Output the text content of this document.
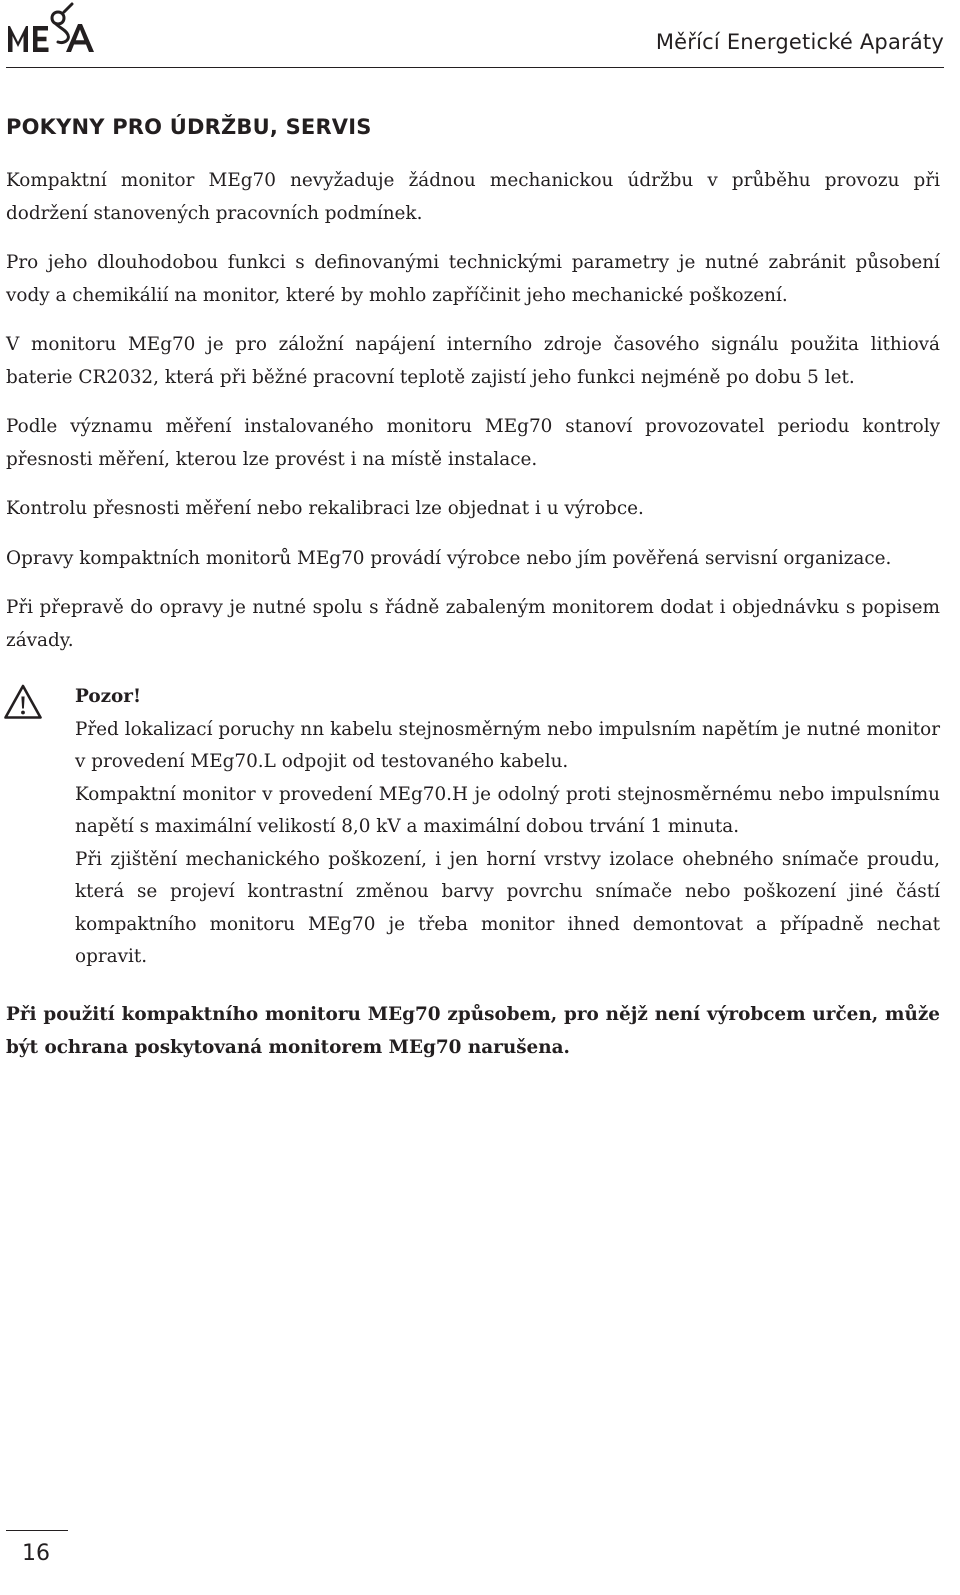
Měřící Energetické Aparáty
POKYNY PRO ÚDRŽBU, SERVIS

Kompaktní monitor MEg70 nevyžaduje žádnou mechanickou údržbu v průběhu provozu při dodržení stanovených pracovních podmínek.

Pro jeho dlouhodobou funkci s definovanými technickými parametry je nutné zabránit působení vody a chemikálií na monitor, které by mohlo zapříčinit jeho mechanické poškození.

V monitoru MEg70 je pro záložní napájení interního zdroje časového signálu použita lithiová baterie CR2032, která při běžné pracovní teplotě zajistí jeho funkci nejméně po dobu 5 let.

Podle významu měření instalovaného monitoru MEg70 stanoví provozovatel periodu kontroly přesnosti měření, kterou lze provést i na místě instalace.

Kontrolu přesnosti měření nebo rekalibraci lze objednat i u výrobce.

Opravy kompaktních monitorů MEg70 provádí výrobce nebo jím pověřená servisní organizace.

Při přepravě do opravy je nutné spolu s řádně zabaleným monitorem dodat i objednávku s popisem závady.

Pozor!

Před lokalizací poruchy nn kabelu stejnosměrným nebo impulsním napětím je nutné monitor v provedení MEg70.L odpojit od testovaného kabelu.

Kompaktní monitor v provedení MEg70.H je odolný proti stejnosměrnému nebo impulsnímu napětí s maximální velikostí 8,0 kV a maximální dobou trvání 1 minuta.

Při zjištění mechanického poškození, i jen horní vrstvy izolace ohebného snímače proudu, která se projeví kontrastní změnou barvy povrchu snímače nebo poškození jiné částí kompaktního monitoru MEg70 je třeba monitor ihned demontovat a případně nechat opravit.

Při použití kompaktního monitoru MEg70 způsobem, pro nějž není výrobcem určen, může být ochrana poskytovaná monitorem MEg70 narušena.

16
